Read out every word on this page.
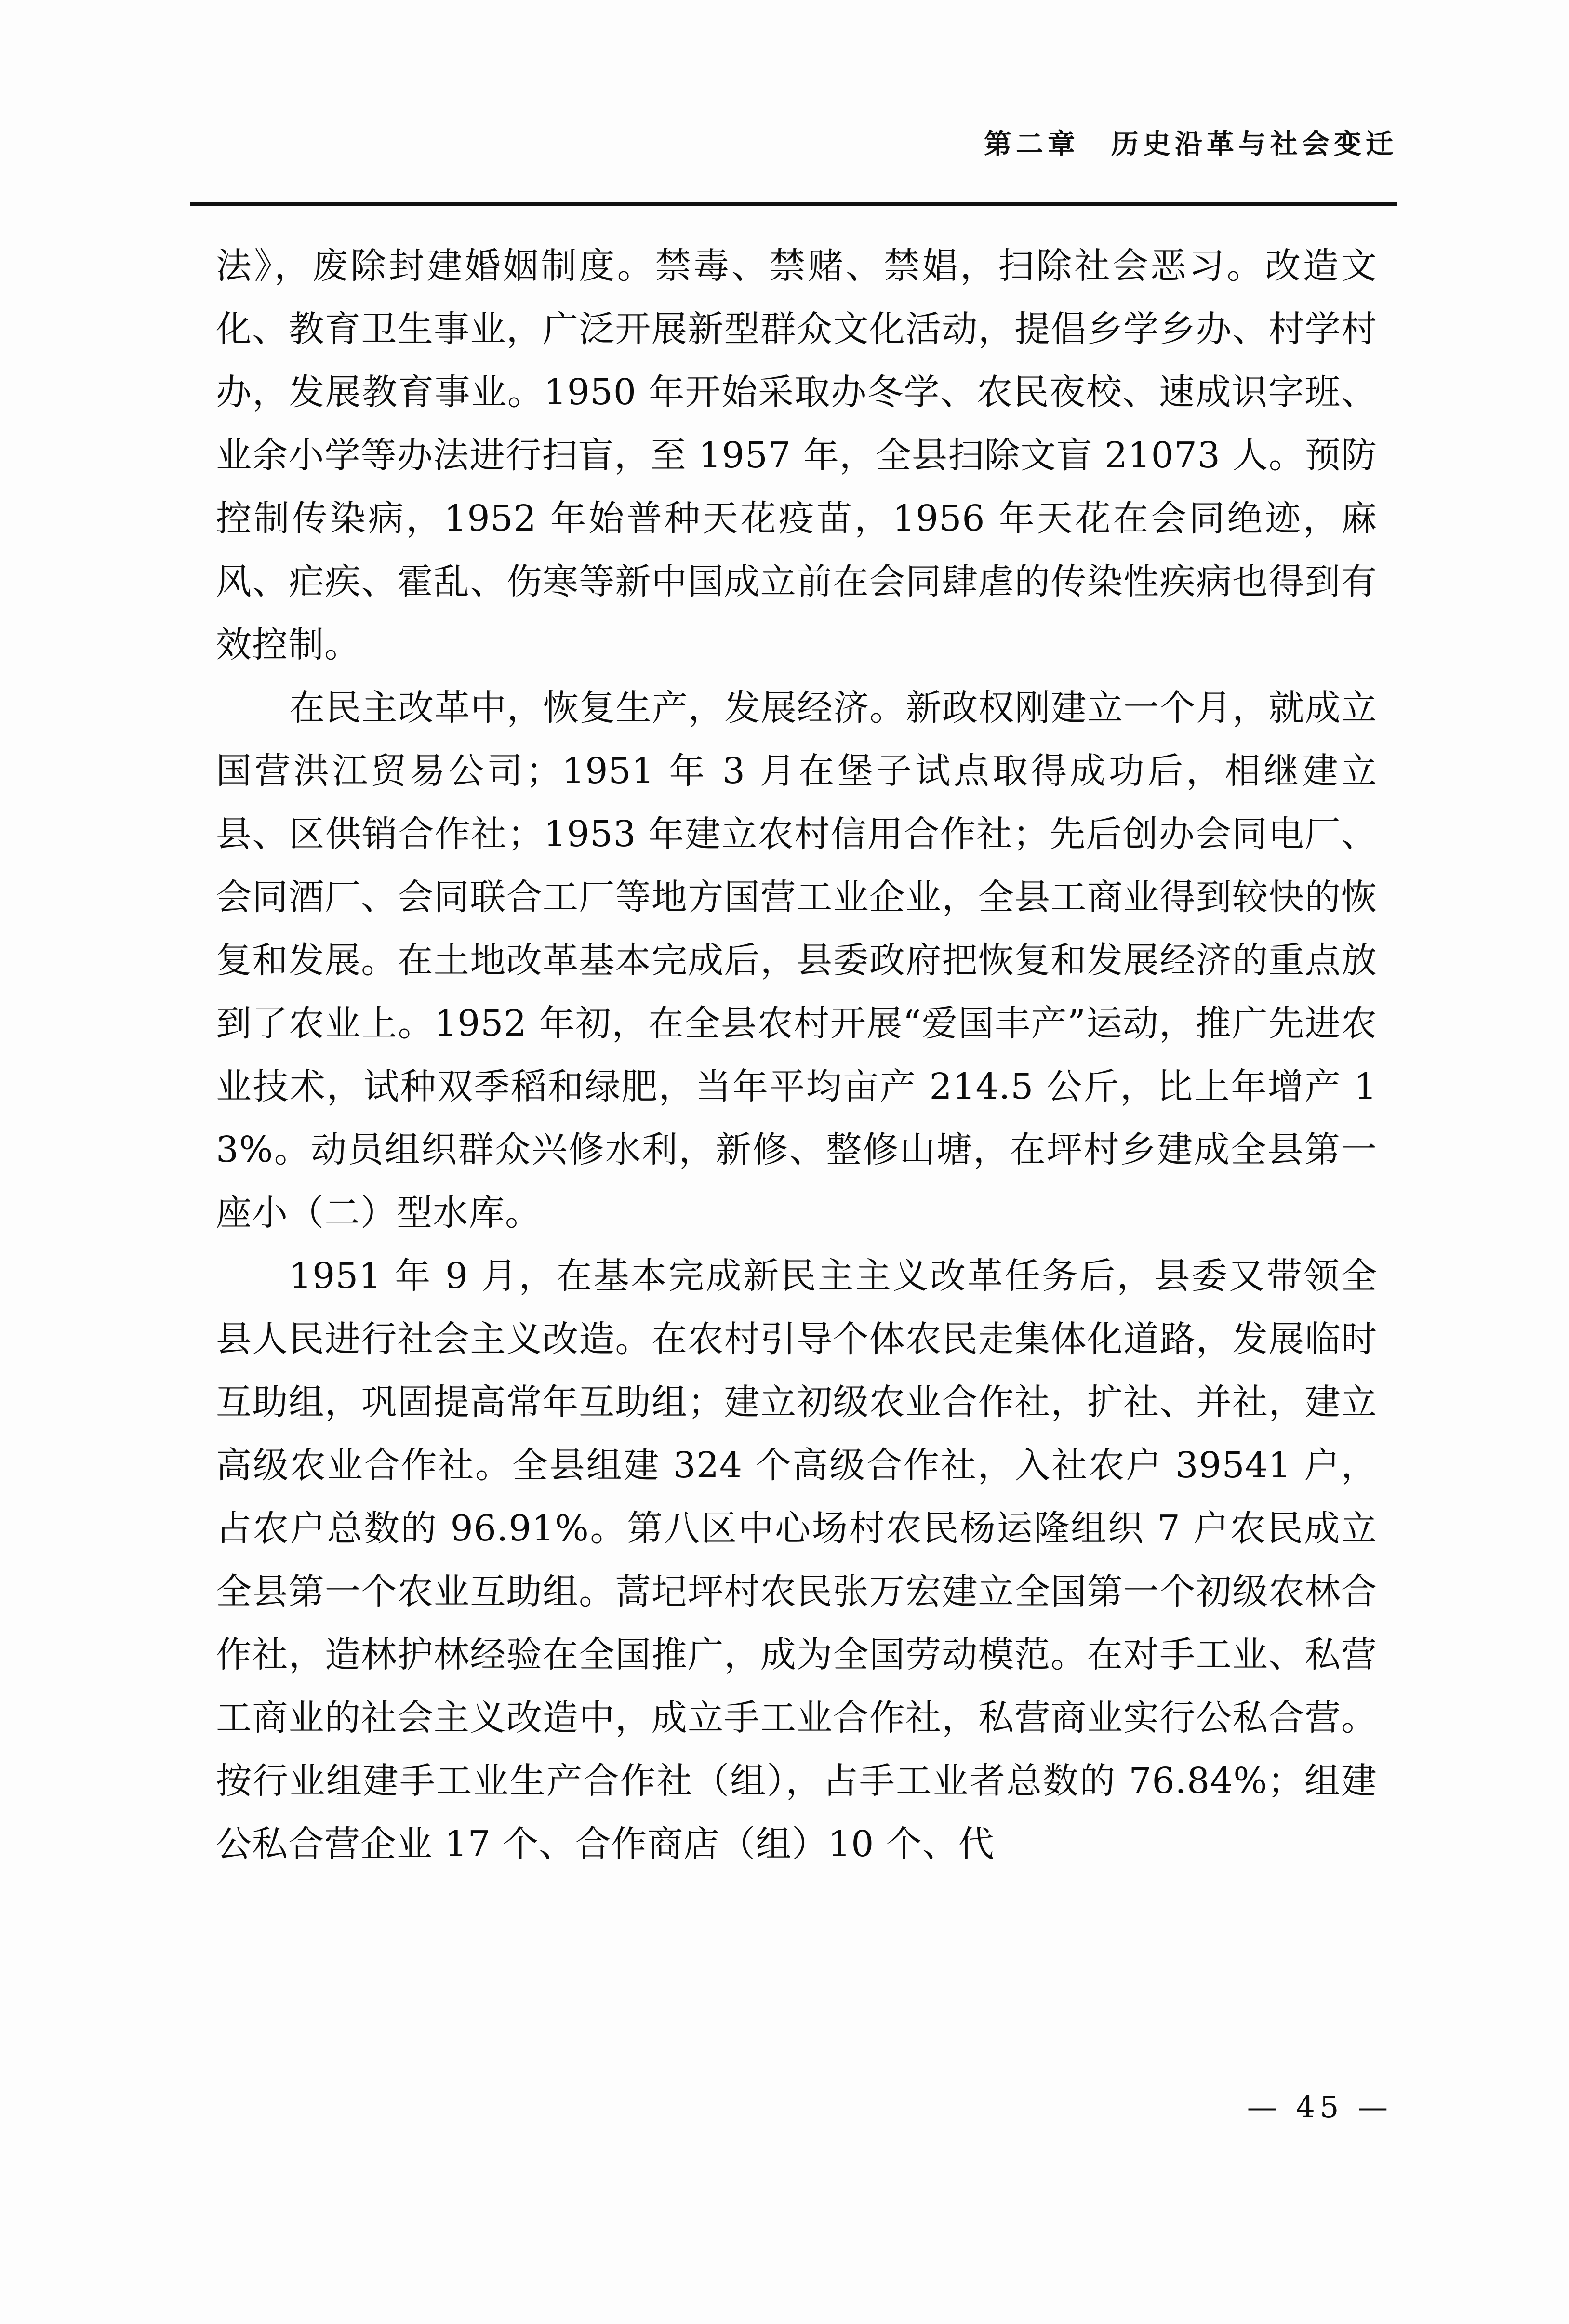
第二章　历史沿革与社会变迁

法》，废除封建婚姻制度。禁毒、禁赌、禁娼，扫除社会恶习。改造文化、教育卫生事业，广泛开展新型群众文化活动，提倡乡学乡办、村学村办，发展教育事业。1950 年开始采取办冬学、农民夜校、速成识字班、业余小学等办法进行扫盲，至 1957 年，全县扫除文盲 21073 人。预防控制传染病，1952 年始普种天花疫苗，1956 年天花在会同绝迹，麻风、疟疾、霍乱、伤寒等新中国成立前在会同肆虐的传染性疾病也得到有效控制。

在民主改革中，恢复生产，发展经济。新政权刚建立一个月，就成立国营洪江贸易公司；1951 年 3 月在堡子试点取得成功后，相继建立县、区供销合作社；1953 年建立农村信用合作社；先后创办会同电厂、会同酒厂、会同联合工厂等地方国营工业企业，全县工商业得到较快的恢复和发展。在土地改革基本完成后，县委政府把恢复和发展经济的重点放到了农业上。1952 年初，在全县农村开展“爱国丰产”运动，推广先进农业技术，试种双季稻和绿肥，当年平均亩产 214.5 公斤，比上年增产 13%。动员组织群众兴修水利，新修、整修山塘，在坪村乡建成全县第一座小（二）型水库。

1951 年 9 月，在基本完成新民主主义改革任务后，县委又带领全县人民进行社会主义改造。在农村引导个体农民走集体化道路，发展临时互助组，巩固提高常年互助组；建立初级农业合作社，扩社、并社，建立高级农业合作社。全县组建 324 个高级合作社，入社农户 39541 户，占农户总数的 96.91%。第八区中心场村农民杨运隆组织 7 户农民成立全县第一个农业互助组。蒿圮坪村农民张万宏建立全国第一个初级农林合作社，造林护林经验在全国推广，成为全国劳动模范。在对手工业、私营工商业的社会主义改造中，成立手工业合作社，私营商业实行公私合营。按行业组建手工业生产合作社（组），占手工业者总数的 76.84%；组建公私合营企业 17 个、合作商店（组）10 个、代

— 45 —
